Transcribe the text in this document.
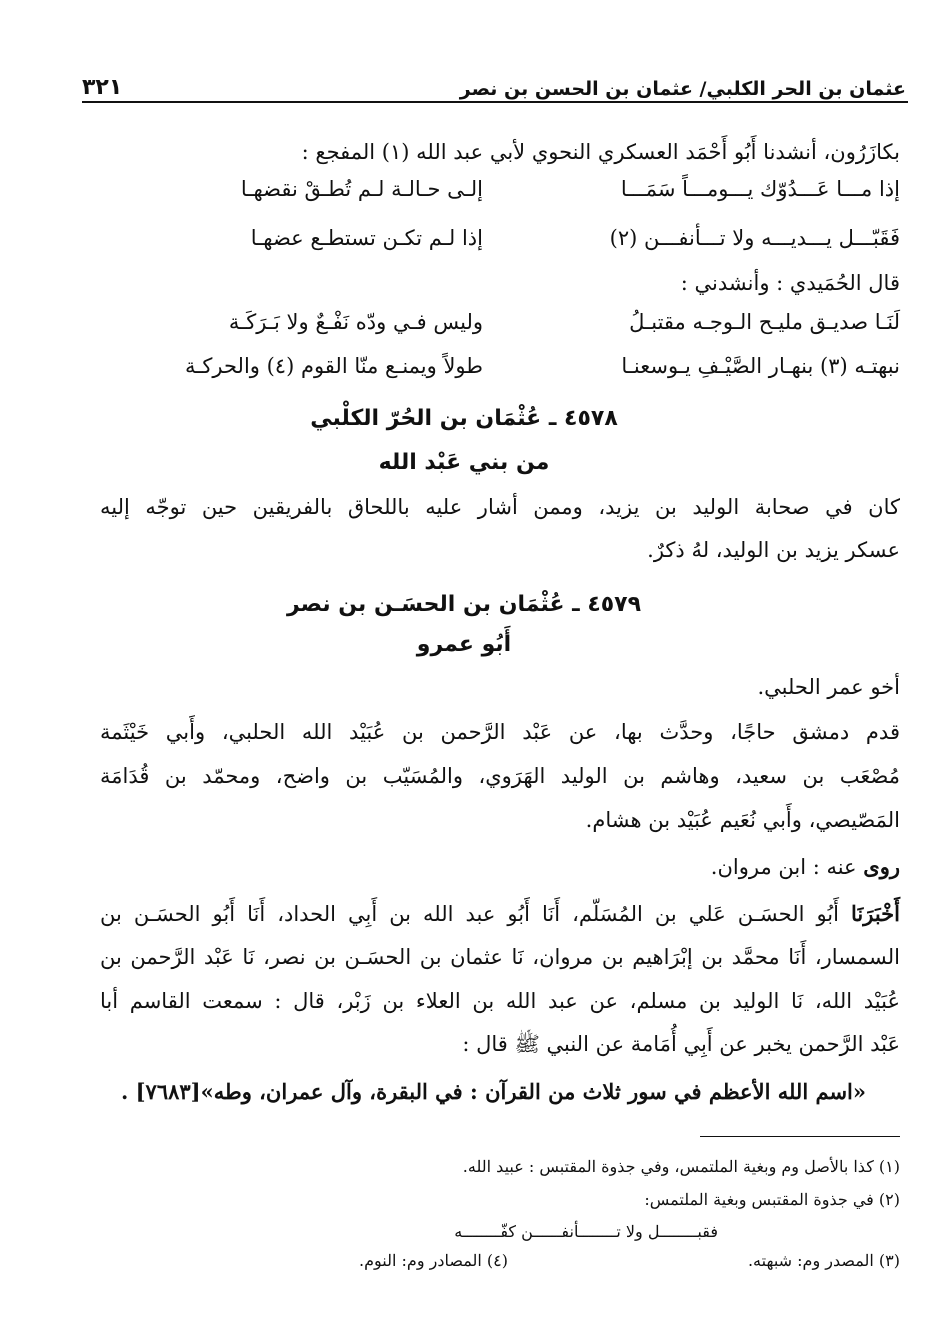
عثمان بن الحر الكلبي/ عثمان بن الحسن بن نصر
٣٢١
بكازَرُون، أنشدنا أَبُو أَحْمَد العسكري النحوي لأبي عبد الله (١) المفجع :
إذا مـــا عَـــدُوّك يـــومـــاً سَمَـــا
إلـى حـالـة لـم تُطـقْ نقضهـا
فَقَبّـــل يـــديـــه ولا تـــأنفـــن (٢)
إذا لـم تكـن تستطـع عضهـا
قال الحُمَيدي : وأنشدني :
لَنَـا صديـق مليـح الـوجـه مقتبـلُ
وليس فـي ودّه نَفْـعٌ ولا بَـرَكَـة
نبهتـه (٣) بنهـار الصَّيْـفِ يـوسعنـا
طولاً ويمنـع منّا القوم (٤) والحركـة
٤٥٧٨ ـ عُثْمَان بن الحُرّ الكلْبي
من بني عَبْد الله
كان في صحابة الوليد بن يزيد، وممن أشار عليه باللحاق بالفريقين حين توجّه إليه
عسكر يزيد بن الوليد، لهُ ذكرٌ.
٤٥٧٩ ـ عُثْمَان بن الحسَـن بن نصر
أَبُو عمرو
أخو عمر الحلبي.
قدم دمشق حاجًا، وحدَّث بها، عن عَبْد الرَّحمن بن عُبَيْد الله الحلبي، وأَبي خَيْثَمة
مُصْعَب بن سعيد، وهاشم بن الوليد الهَرَوي، والمُسَيّب بن واضح، ومحمّد بن قُدَامَة
المَصّيصي، وأَبي نُعَيم عُبَيْد بن هشام.
روى عنه : ابن مروان.
أَخْبَرَنَا أَبُو الحسَـن عَلي بن المُسَلّم، أَنَا أَبُو عبد الله بن أَبِي الحداد، أَنَا أَبُو الحسَـن بن
السمسار، أَنَا محمَّد بن إبْرَاهيم بن مروان، نَا عثمان بن الحسَـن بن نصر، نَا عَبْد الرَّحمن بن
عُبَيْد الله، نَا الوليد بن مسلم، عن عبد الله بن العلاء بن زَبْر، قال : سمعت القاسم أبا
عَبْد الرَّحمن يخبر عن أَبِي أُمَامة عن النبي ﷺ قال :
«اسم الله الأعظم في سور ثلاث من القرآن : في البقرة، وآل عمران، وطه»[٧٦٨٣] .
(١) كذا بالأصل وم وبغية الملتمس، وفي جذوة المقتبس : عبيد الله.
(٢) في جذوة المقتبس وبغية الملتمس:
فقبــــــــل ولا تــــــــأنفــــــن كفّــــــــه
(٣) المصدر وم: شبهته.
(٤) المصادر وم: النوم.
